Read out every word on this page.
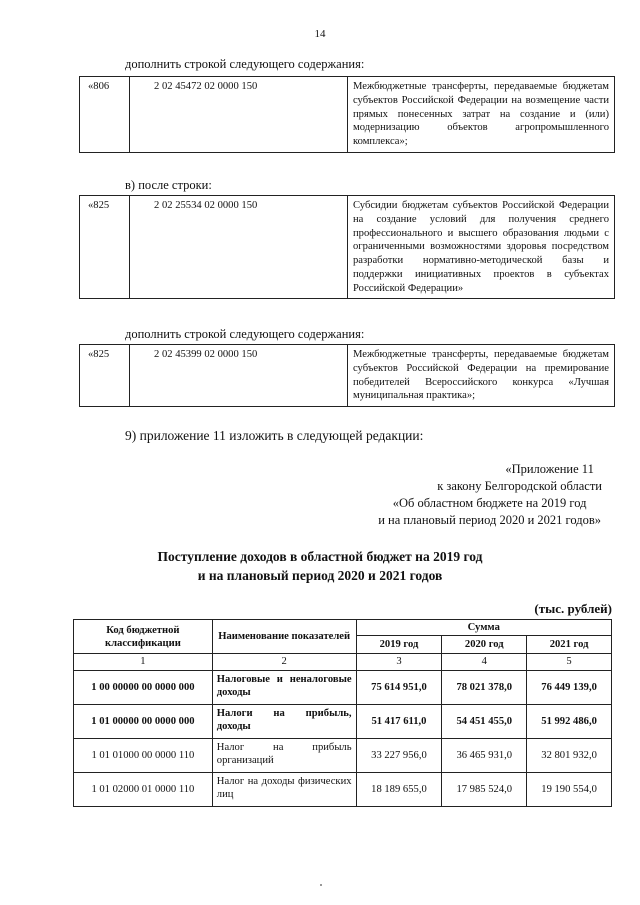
14
дополнить строкой следующего содержания:
«806	2 02 45472 02 0000 150	Межбюджетные трансферты, передаваемые бюджетам субъектов Российской Федерации на возмещение части прямых понесенных затрат на создание и (или) модернизацию объектов агропромышленного комплекса»;
в) после строки:
«825	2 02 25534 02 0000 150	Субсидии бюджетам субъектов Российской Федерации на создание условий для получения среднего профессионального и высшего образования людьми с ограниченными возможностями здоровья посредством разработки нормативно-методической базы и поддержки инициативных проектов в субъектах Российской Федерации»
дополнить строкой следующего содержания:
«825	2 02 45399 02 0000 150	Межбюджетные трансферты, передаваемые бюджетам субъектов Российской Федерации на премирование победителей Всероссийского конкурса «Лучшая муниципальная практика»;
9) приложение 11 изложить в следующей редакции:
«Приложение 11
к закону Белгородской области
«Об областном бюджете на 2019 год
и на плановый период 2020 и 2021 годов»
Поступление доходов в областной бюджет на 2019 год
и на плановый период 2020 и 2021 годов
(тыс. рублей)
Код бюджетной классификации	Наименование показателей	Сумма		
		2019 год	2020 год	2021 год
1	2	3	4	5
1 00 00000 00 0000 000	Налоговые и неналоговые доходы	75 614 951,0	78 021 378,0	76 449 139,0
1 01 00000 00 0000 000	Налоги на прибыль, доходы	51 417 611,0	54 451 455,0	51 992 486,0
1 01 01000 00 0000 110	Налог на прибыль организаций	33 227 956,0	36 465 931,0	32 801 932,0
1 01 02000 01 0000 110	Налог на доходы физических лиц	18 189 655,0	17 985 524,0	19 190 554,0
